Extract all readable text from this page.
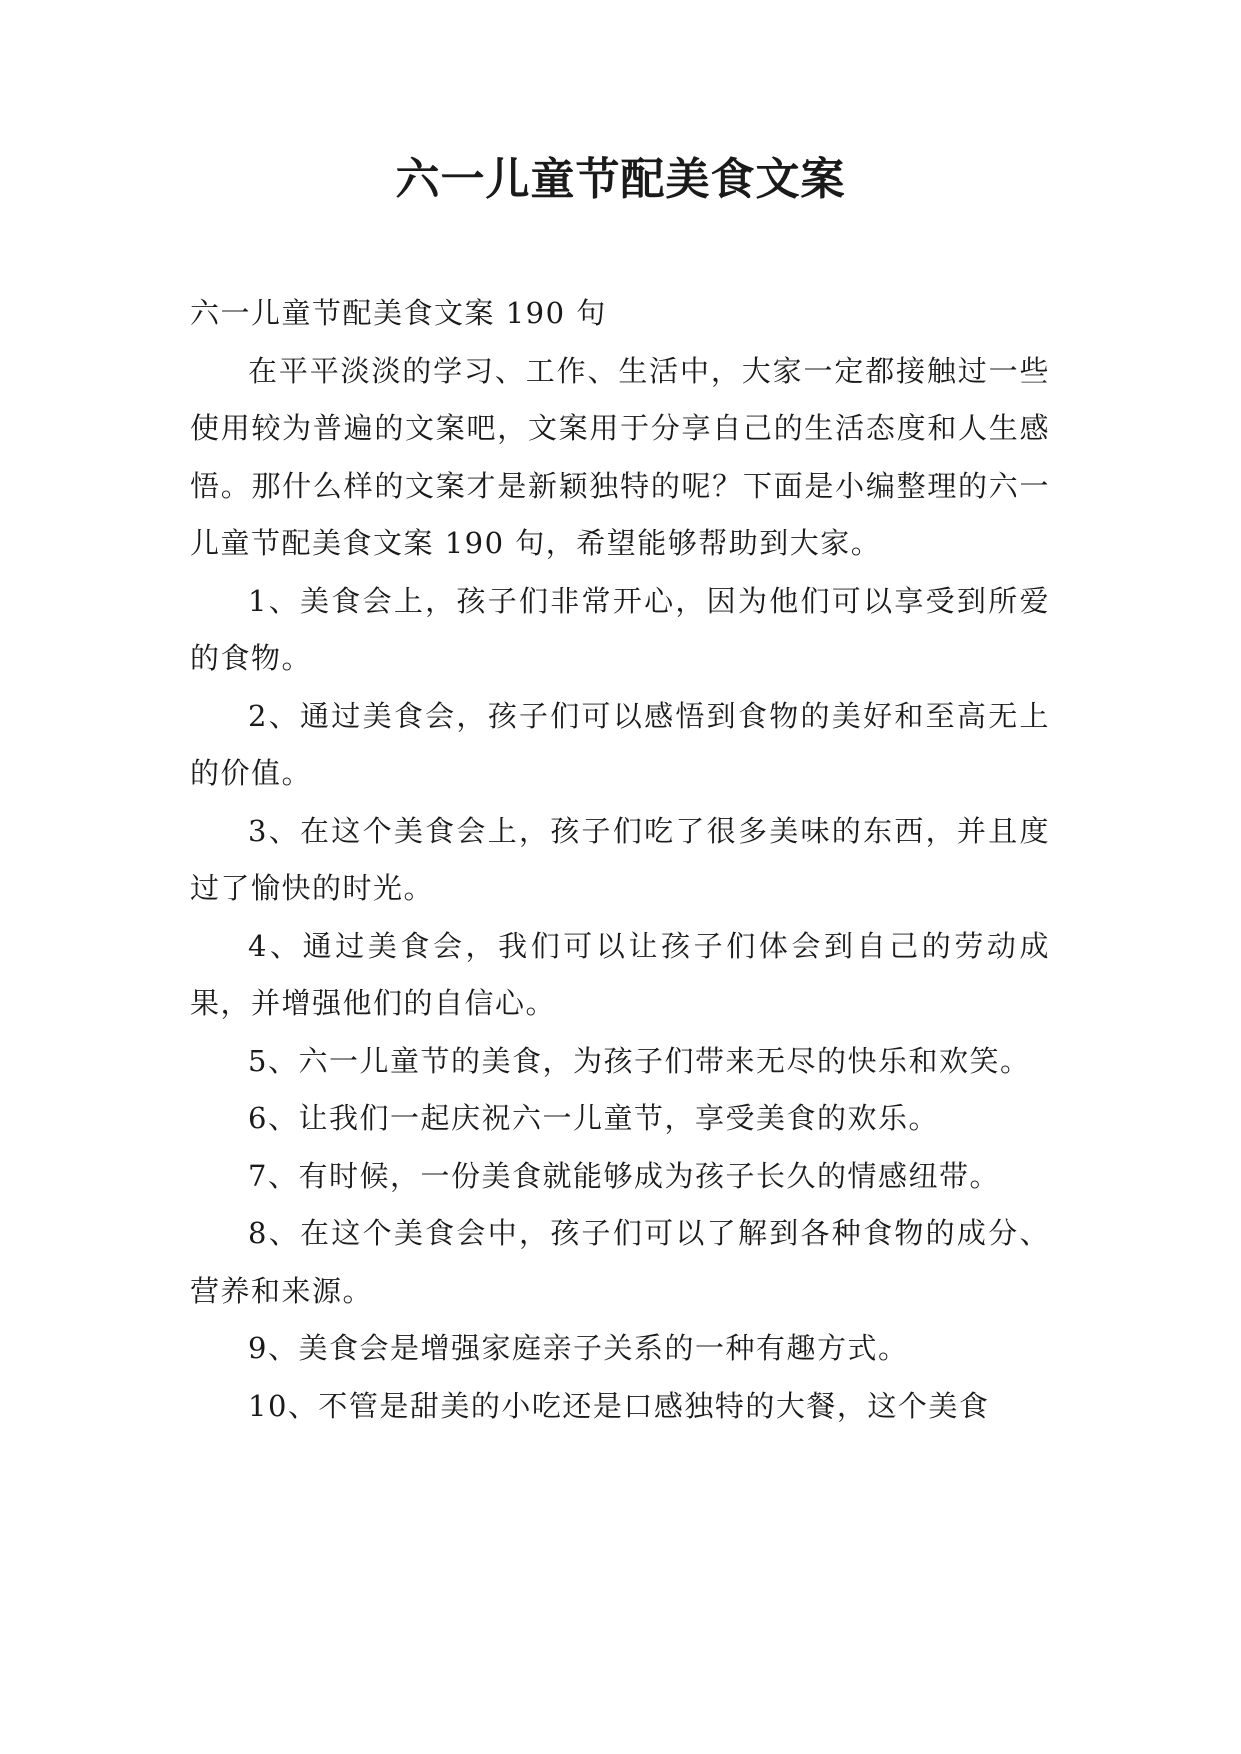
六一儿童节配美食文案

六一儿童节配美食文案 190 句

在平平淡淡的学习、工作、生活中，大家一定都接触过一些使用较为普遍的文案吧，文案用于分享自己的生活态度和人生感悟。那什么样的文案才是新颖独特的呢？下面是小编整理的六一儿童节配美食文案 190 句，希望能够帮助到大家。

1、美食会上，孩子们非常开心，因为他们可以享受到所爱的食物。

2、通过美食会，孩子们可以感悟到食物的美好和至高无上的价值。

3、在这个美食会上，孩子们吃了很多美味的东西，并且度过了愉快的时光。

4、通过美食会，我们可以让孩子们体会到自己的劳动成果，并增强他们的自信心。

5、六一儿童节的美食，为孩子们带来无尽的快乐和欢笑。

6、让我们一起庆祝六一儿童节，享受美食的欢乐。

7、有时候，一份美食就能够成为孩子长久的情感纽带。

8、在这个美食会中，孩子们可以了解到各种食物的成分、营养和来源。

9、美食会是增强家庭亲子关系的一种有趣方式。

10、不管是甜美的小吃还是口感独特的大餐，这个美食
